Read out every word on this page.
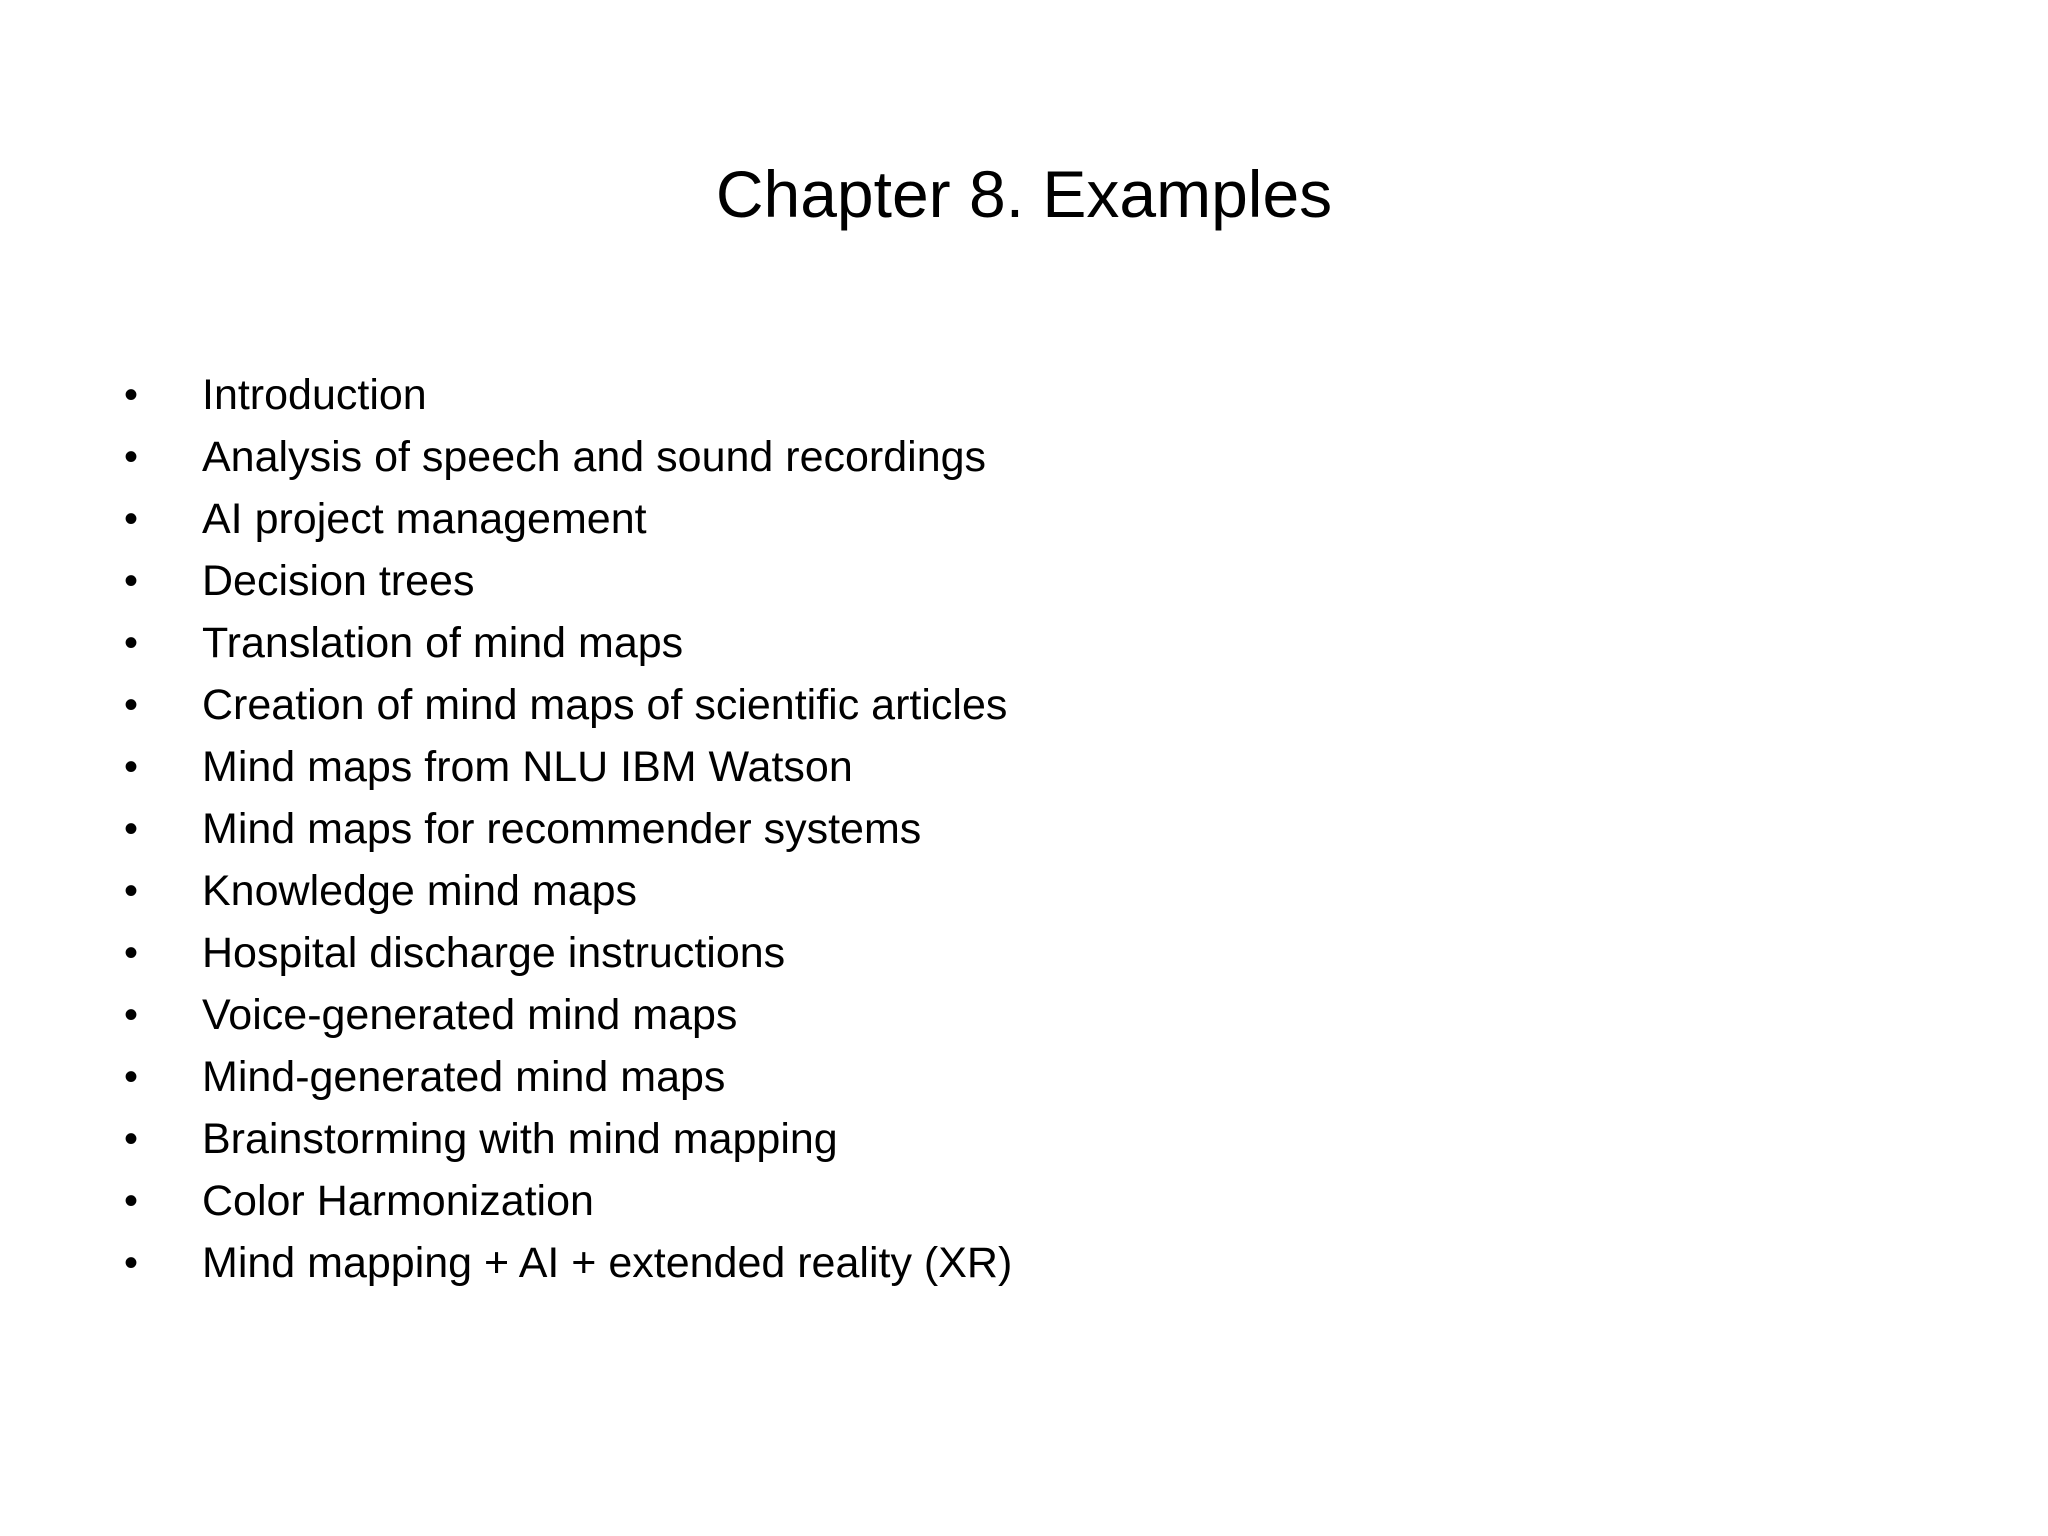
Chapter 8. Examples
•	Introduction
•	Analysis of speech and sound recordings
•	AI project management
•	Decision trees
•	Translation of mind maps
•	Creation of mind maps of scientific articles
•	Mind maps from NLU IBM Watson
•	Mind maps for recommender systems
•	Knowledge mind maps
•	Hospital discharge instructions
•	Voice-generated mind maps
•	Mind-generated mind maps
•	Brainstorming with mind mapping
•	Color Harmonization
•	Mind mapping + AI + extended reality (XR)
